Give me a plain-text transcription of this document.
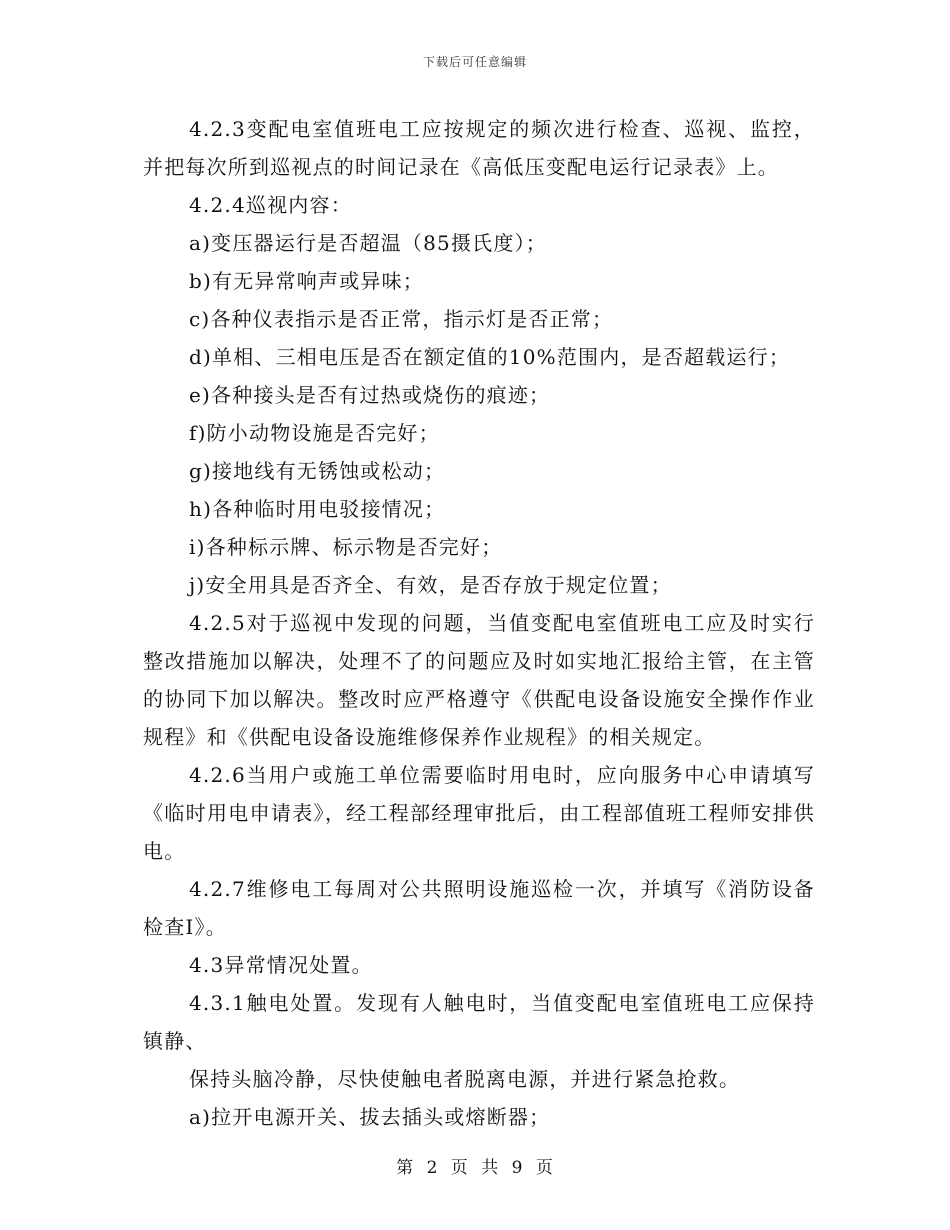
下载后可任意编辑

4.2.3变配电室值班电工应按规定的频次进行检查、巡视、监控，并把每次所到巡视点的时间记录在《高低压变配电运行记录表》上。

4.2.4巡视内容：

a)变压器运行是否超温（85摄氏度）；

b)有无异常响声或异味；

c)各种仪表指示是否正常，指示灯是否正常；

d)单相、三相电压是否在额定值的10%范围内，是否超载运行；

e)各种接头是否有过热或烧伤的痕迹；

f)防小动物设施是否完好；

g)接地线有无锈蚀或松动；

h)各种临时用电驳接情况；

i)各种标示牌、标示物是否完好；

j)安全用具是否齐全、有效，是否存放于规定位置；

4.2.5对于巡视中发现的问题，当值变配电室值班电工应及时实行整改措施加以解决，处理不了的问题应及时如实地汇报给主管，在主管的协同下加以解决。整改时应严格遵守《供配电设备设施安全操作作业规程》和《供配电设备设施维修保养作业规程》的相关规定。

4.2.6当用户或施工单位需要临时用电时，应向服务中心申请填写《临时用电申请表》，经工程部经理审批后，由工程部值班工程师安排供电。

4.2.7维修电工每周对公共照明设施巡检一次，并填写《消防设备检查Ⅰ》。

4.3异常情况处置。

4.3.1触电处置。发现有人触电时，当值变配电室值班电工应保持镇静、

保持头脑冷静，尽快使触电者脱离电源，并进行紧急抢救。

a)拉开电源开关、拔去插头或熔断器；

第 2 页 共 9 页
